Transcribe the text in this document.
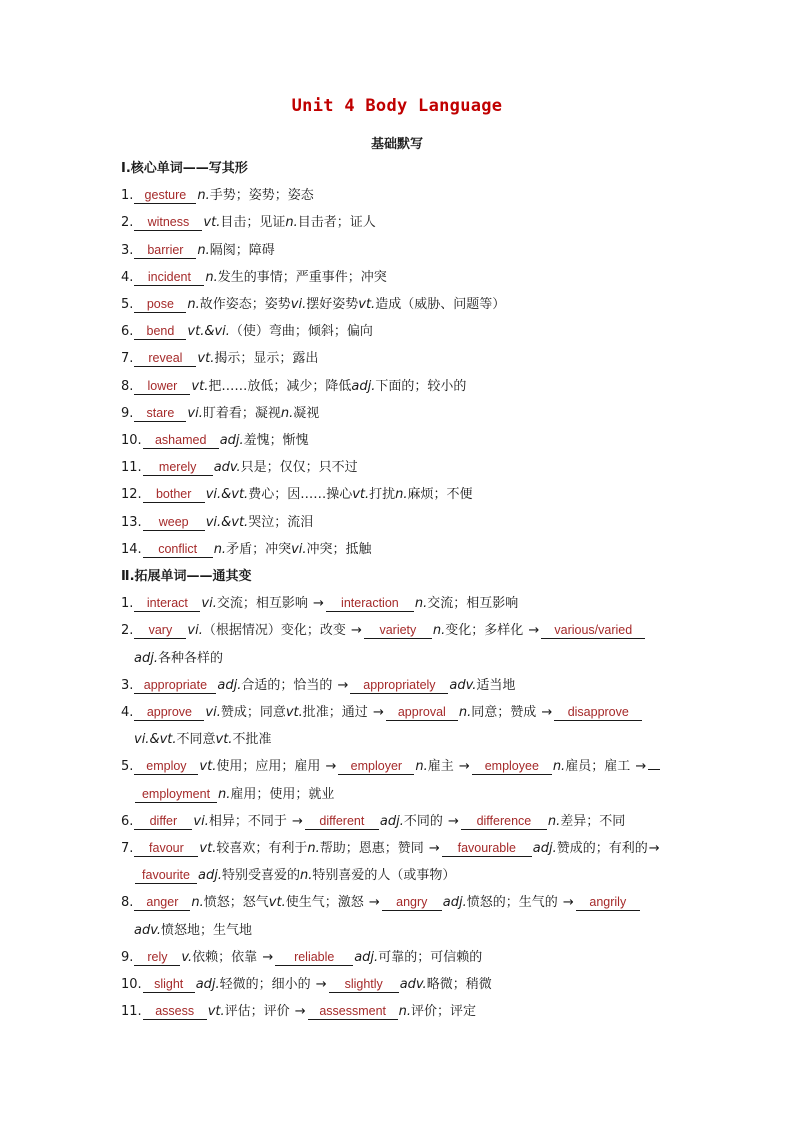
Unit 4 Body Language
基础默写
Ⅰ.核心单词——写其形
1. gesture n.手势；姿势；姿态
2. witness vt.目击；见证n.目击者；证人
3. barrier n.隔阂；障碍
4. incident n.发生的事情；严重事件；冲突
5. pose n.故作姿态；姿势vi.摆好姿势vt.造成（威胁、问题等）
6. bend vt.&vi.（使）弯曲；倾斜；偏向
7. reveal vt.揭示；显示；露出
8. lower vt.把……放低；减少；降低adj.下面的；较小的
9. stare vi.盯着看；凝视n.凝视
10. ashamed adj.羞愧；惭愧
11. merely adv.只是；仅仅；只不过
12. bother vi.&vt.费心；因……操心vt.打扰n.麻烦；不便
13. weep vi.&vt.哭泣；流泪
14. conflict n.矛盾；冲突vi.冲突；抵触
Ⅱ.拓展单词——通其变
1. interact vi.交流；相互影响 → interaction n.交流；相互影响
2. vary vi.（根据情况）变化；改变 → variety n.变化；多样化 → various/varied
adj.各种各样的
3. appropriate adj.合适的；恰当的 → appropriately adv.适当地
4. approve vi.赞成；同意vt.批准；通过 → approval n.同意；赞成 → disapprove
vi.&vt.不同意vt.不批准
5. employ vt.使用；应用；雇用 → employer n.雇主 → employee n.雇员；雇工 →
employment n.雇用；使用；就业
6. differ vi.相异；不同于 → different adj.不同的 → difference n.差异；不同
7. favour vt.较喜欢；有利于n.帮助；恩惠；赞同 → favourable adj.赞成的；有利的→
favourite adj.特别受喜爱的n.特别喜爱的人（或事物）
8. anger n.愤怒；怒气vt.使生气；激怒 → angry adj.愤怒的；生气的 → angrily
adv.愤怒地；生气地
9. rely v.依赖；依靠 → reliable adj.可靠的；可信赖的
10. slight adj.轻微的；细小的 → slightly adv.略微；稍微
11. assess vt.评估；评价 → assessment n.评价；评定
